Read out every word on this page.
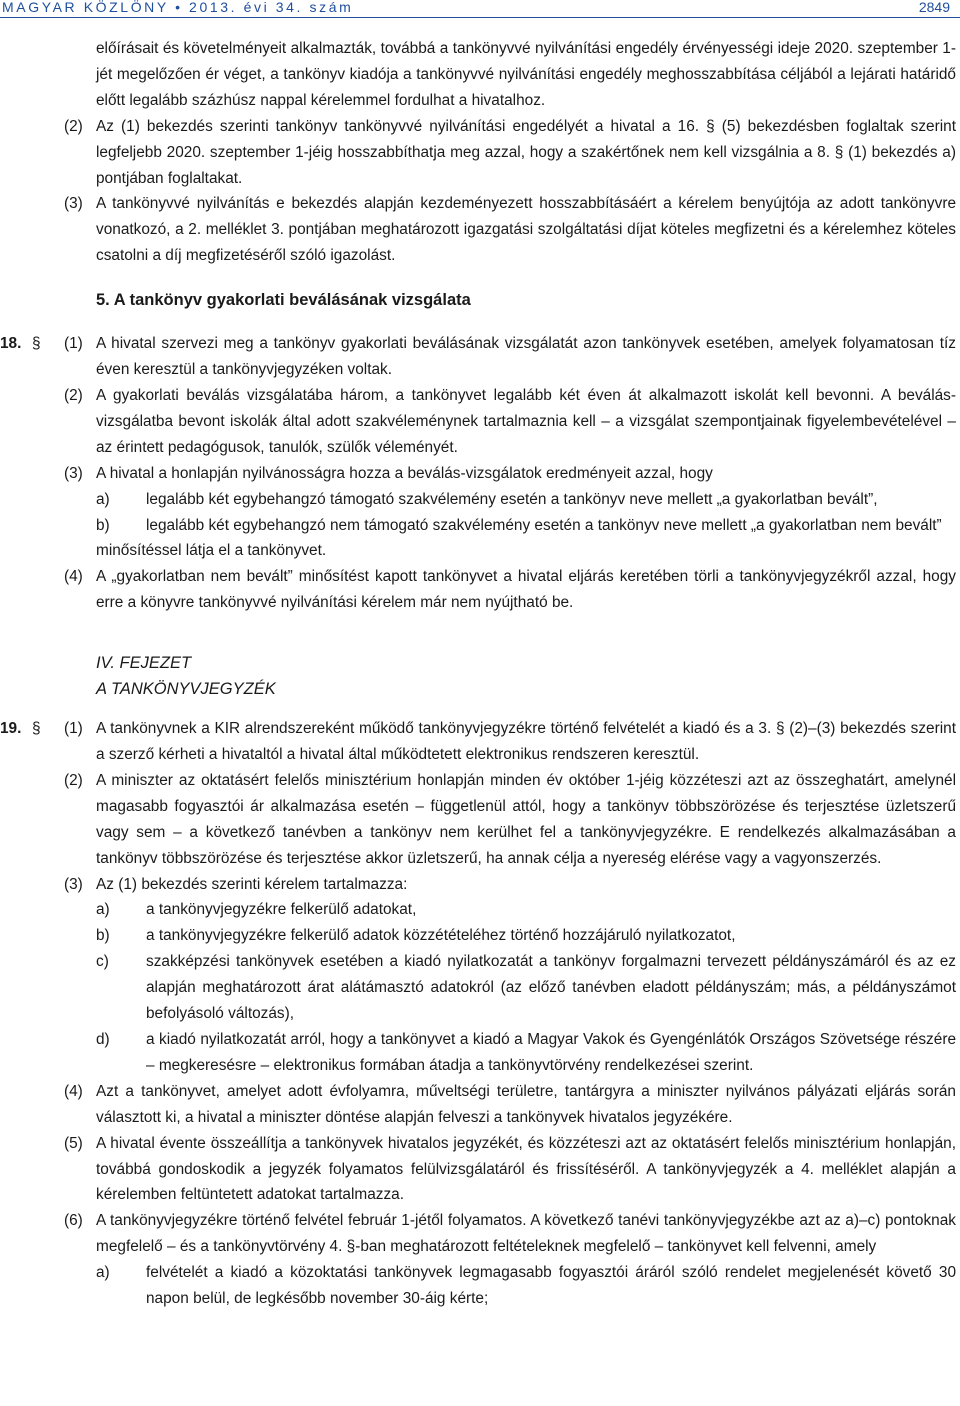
MAGYAR KÖZLÖNY • 2013. évi 34. szám	2849

előírásait és követelményeit alkalmazták, továbbá a tankönyvvé nyilvánítási engedély érvényességi ideje 2020. szeptember 1-jét megelőzően ér véget, a tankönyv kiadója a tankönyvvé nyilvánítási engedély meghosszabbítása céljából a lejárati határidő előtt legalább százhúsz nappal kérelemmel fordulhat a hivatalhoz.

(2) Az (1) bekezdés szerinti tankönyv tankönyvvé nyilvánítási engedélyét a hivatal a 16. § (5) bekezdésben foglaltak szerint legfeljebb 2020. szeptember 1-jéig hosszabbíthatja meg azzal, hogy a szakértőnek nem kell vizsgálnia a 8. § (1) bekezdés a) pontjában foglaltakat.

(3) A tankönyvvé nyilvánítás e bekezdés alapján kezdeményezett hosszabbításáért a kérelem benyújtója az adott tankönyvre vonatkozó, a 2. melléklet 3. pontjában meghatározott igazgatási szolgáltatási díjat köteles megfizetni és a kérelemhez köteles csatolni a díj megfizetéséről szóló igazolást.

5. A tankönyv gyakorlati beválásának vizsgálata

18. § (1) A hivatal szervezi meg a tankönyv gyakorlati beválásának vizsgálatát azon tankönyvek esetében, amelyek folyamatosan tíz éven keresztül a tankönyvjegyzéken voltak.

(2) A gyakorlati beválás vizsgálatába három, a tankönyvet legalább két éven át alkalmazott iskolát kell bevonni. A beválás-vizsgálatba bevont iskolák által adott szakvéleménynek tartalmaznia kell – a vizsgálat szempontjainak figyelembevételével – az érintett pedagógusok, tanulók, szülők véleményét.

(3) A hivatal a honlapján nyilvánosságra hozza a beválás-vizsgálatok eredményeit azzal, hogy

a) legalább két egybehangzó támogató szakvélemény esetén a tankönyv neve mellett „a gyakorlatban bevált”,

b) legalább két egybehangzó nem támogató szakvélemény esetén a tankönyv neve mellett „a gyakorlatban nem bevált”

minősítéssel látja el a tankönyvet.

(4) A „gyakorlatban nem bevált” minősítést kapott tankönyvet a hivatal eljárás keretében törli a tankönyvjegyzékről azzal, hogy erre a könyvre tankönyvvé nyilvánítási kérelem már nem nyújtható be.

IV. FEJEZET
A TANKÖNYVJEGYZÉK

19. § (1) A tankönyvnek a KIR alrendszereként működő tankönyvjegyzékre történő felvételét a kiadó és a 3. § (2)–(3) bekezdés szerint a szerző kérheti a hivataltól a hivatal által működtetett elektronikus rendszeren keresztül.

(2) A miniszter az oktatásért felelős minisztérium honlapján minden év október 1-jéig közzéteszi azt az összeghatárt, amelynél magasabb fogyasztói ár alkalmazása esetén – függetlenül attól, hogy a tankönyv többszörözése és terjesztése üzletszerű vagy sem – a következő tanévben a tankönyv nem kerülhet fel a tankönyvjegyzékre. E rendelkezés alkalmazásában a tankönyv többszörözése és terjesztése akkor üzletszerű, ha annak célja a nyereség elérése vagy a vagyonszerzés.

(3) Az (1) bekezdés szerinti kérelem tartalmazza:

a) a tankönyvjegyzékre felkerülő adatokat,

b) a tankönyvjegyzékre felkerülő adatok közzétételéhez történő hozzájáruló nyilatkozatot,

c) szakképzési tankönyvek esetében a kiadó nyilatkozatát a tankönyv forgalmazni tervezett példányszámáról és az ez alapján meghatározott árat alátámasztó adatokról (az előző tanévben eladott példányszám; más, a példányszámot befolyásoló változás),

d) a kiadó nyilatkozatát arról, hogy a tankönyvet a kiadó a Magyar Vakok és Gyengénlátók Országos Szövetsége részére – megkeresésre – elektronikus formában átadja a tankönyvtörvény rendelkezései szerint.

(4) Azt a tankönyvet, amelyet adott évfolyamra, műveltségi területre, tantárgyra a miniszter nyilvános pályázati eljárás során választott ki, a hivatal a miniszter döntése alapján felveszi a tankönyvek hivatalos jegyzékére.

(5) A hivatal évente összeállítja a tankönyvek hivatalos jegyzékét, és közzéteszi azt az oktatásért felelős minisztérium honlapján, továbbá gondoskodik a jegyzék folyamatos felülvizsgálatáról és frissítéséről. A tankönyvjegyzék a 4. melléklet alapján a kérelemben feltüntetett adatokat tartalmazza.

(6) A tankönyvjegyzékre történő felvétel február 1-jétől folyamatos. A következő tanévi tankönyvjegyzékbe azt az a)–c) pontoknak megfelelő – és a tankönyvtörvény 4. §-ban meghatározott feltételeknek megfelelő – tankönyvet kell felvenni, amely

a) felvételét a kiadó a közoktatási tankönyvek legmagasabb fogyasztói áráról szóló rendelet megjelenését követő 30 napon belül, de legkésőbb november 30-áig kérte;
